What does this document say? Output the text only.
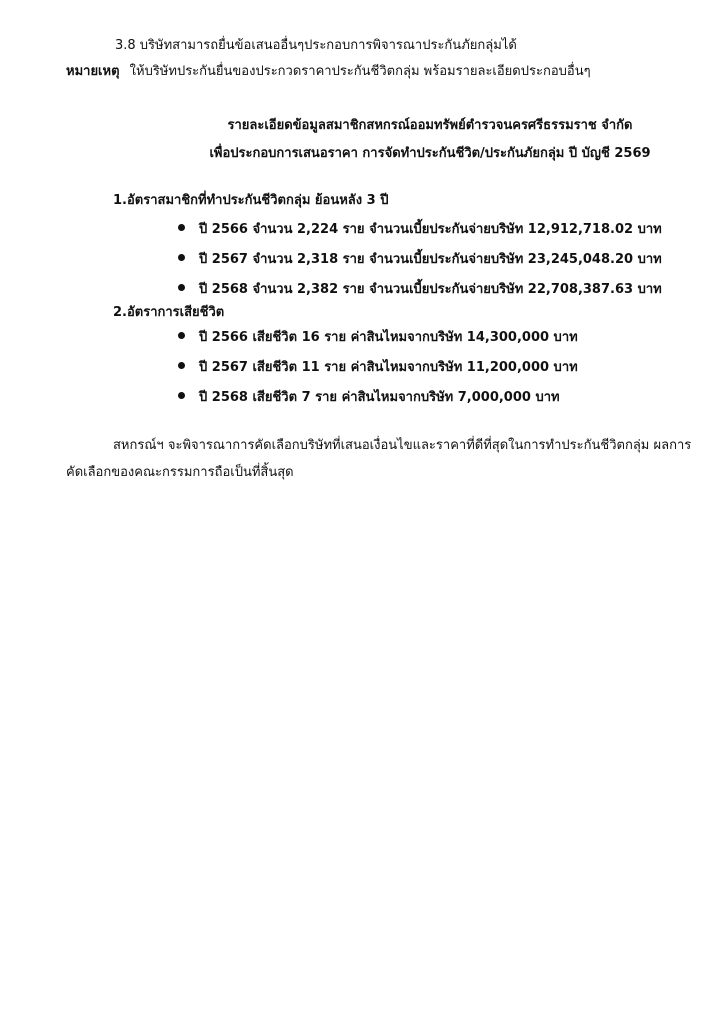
3.8 บริษัทสามารถยื่นข้อเสนออื่นๆประกอบการพิจารณาประกันภัยกลุ่มได้
หมายเหตุ ให้บริษัทประกันยื่นของประกวดราคาประกันชีวิตกลุ่ม พร้อมรายละเอียดประกอบอื่นๆ
รายละเอียดข้อมูลสมาชิกสหกรณ์ออมทรัพย์ตำรวจนครศรีธรรมราช จำกัด
เพื่อประกอบการเสนอราคา การจัดทำประกันชีวิต/ประกันภัยกลุ่ม ปี บัญชี 2569
1.อัตราสมาชิกที่ทำประกันชีวิตกลุ่ม ย้อนหลัง 3 ปี
ปี 2566 จำนวน 2,224 ราย จำนวนเบี้ยประกันจ่ายบริษัท 12,912,718.02 บาท
ปี 2567 จำนวน 2,318 ราย จำนวนเบี้ยประกันจ่ายบริษัท 23,245,048.20 บาท
ปี 2568 จำนวน 2,382 ราย จำนวนเบี้ยประกันจ่ายบริษัท 22,708,387.63 บาท
2.อัตราการเสียชีวิต
ปี 2566 เสียชีวิต 16 ราย ค่าสินไหมจากบริษัท 14,300,000 บาท
ปี 2567 เสียชีวิต 11 ราย ค่าสินไหมจากบริษัท 11,200,000 บาท
ปี 2568 เสียชีวิต 7 ราย ค่าสินไหมจากบริษัท 7,000,000 บาท
สหกรณ์ฯ จะพิจารณาการคัดเลือกบริษัทที่เสนอเงื่อนไขและราคาที่ดีที่สุดในการทำประกันชีวิตกลุ่ม ผลการ
คัดเลือกของคณะกรรมการถือเป็นที่สิ้นสุด
